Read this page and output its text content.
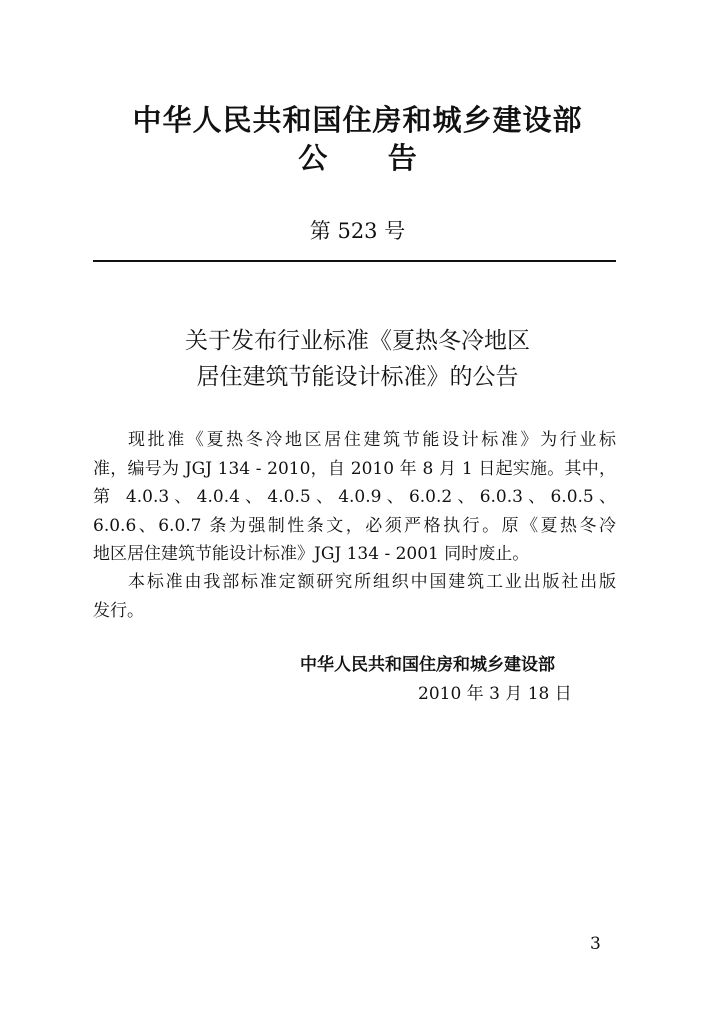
中华人民共和国住房和城乡建设部
公      告
第 523 号
关于发布行业标准《夏热冬冷地区
居住建筑节能设计标准》的公告
现批准《夏热冬冷地区居住建筑节能设计标准》为行业标
准，编号为 JGJ 134 - 2010，自 2010 年 8 月 1 日起实施。其中，
第 4.0.3、4.0.4、4.0.5、4.0.9、6.0.2、6.0.3、6.0.5、
6.0.6、6.0.7 条为强制性条文，必须严格执行。原《夏热冬冷
地区居住建筑节能设计标准》JGJ 134 - 2001 同时废止。
本标准由我部标准定额研究所组织中国建筑工业出版社出版
发行。
中华人民共和国住房和城乡建设部
2010 年 3 月 18 日
3
